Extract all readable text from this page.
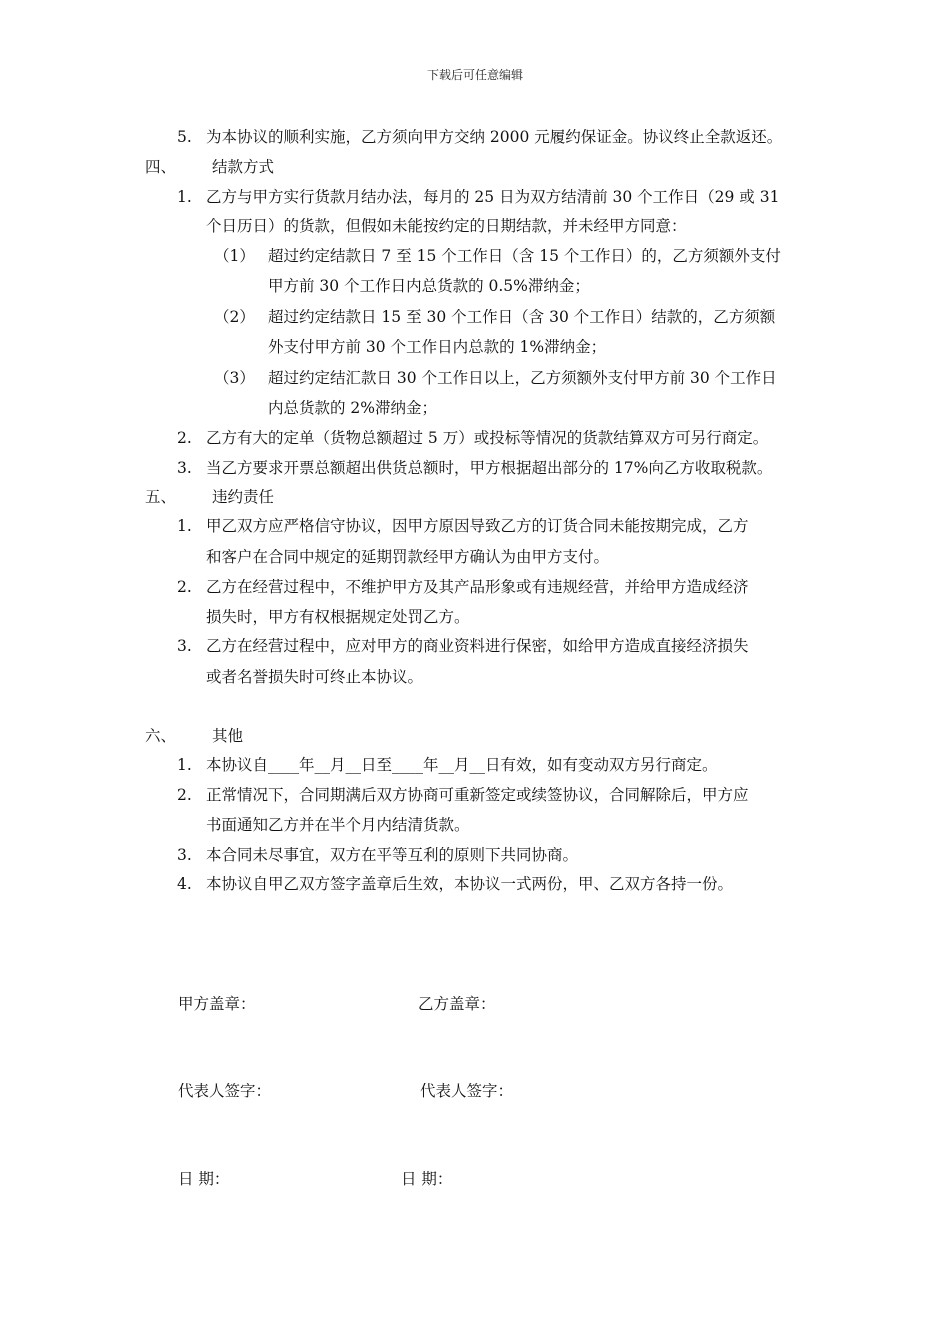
下载后可任意编辑
5. 为本协议的顺利实施，乙方须向甲方交纳 2000 元履约保证金。协议终止全款返还。
四、 结款方式
1. 乙方与甲方实行货款月结办法，每月的 25 日为双方结清前 30 个工作日（29 或 31
个日历日）的货款，但假如未能按约定的日期结款，并未经甲方同意：
（1） 超过约定结款日 7 至 15 个工作日（含 15 个工作日）的，乙方须额外支付
甲方前 30 个工作日内总货款的 0.5%滞纳金；
（2） 超过约定结款日 15 至 30 个工作日（含 30 个工作日）结款的，乙方须额
外支付甲方前 30 个工作日内总款的 1%滞纳金；
（3） 超过约定结汇款日 30 个工作日以上，乙方须额外支付甲方前 30 个工作日
内总货款的 2%滞纳金；
2. 乙方有大的定单（货物总额超过 5 万）或投标等情况的货款结算双方可另行商定。
3. 当乙方要求开票总额超出供货总额时，甲方根据超出部分的 17%向乙方收取税款。
五、 违约责任
1. 甲乙双方应严格信守协议，因甲方原因导致乙方的订货合同未能按期完成，乙方
和客户在合同中规定的延期罚款经甲方确认为由甲方支付。
2. 乙方在经营过程中，不维护甲方及其产品形象或有违规经营，并给甲方造成经济
损失时，甲方有权根据规定处罚乙方。
3. 乙方在经营过程中，应对甲方的商业资料进行保密，如给甲方造成直接经济损失
或者名誉损失时可终止本协议。
六、 其他
1. 本协议自____年__月__日至____年__月__日有效，如有变动双方另行商定。
2. 正常情况下，合同期满后双方协商可重新签定或续签协议，合同解除后，甲方应
书面通知乙方并在半个月内结清货款。
3. 本合同未尽事宜，双方在平等互利的原则下共同协商。
4. 本协议自甲乙双方签字盖章后生效，本协议一式两份，甲、乙双方各持一份。
甲方盖章：	乙方盖章：
代表人签字：	代表人签字：
日 期：	日 期：
